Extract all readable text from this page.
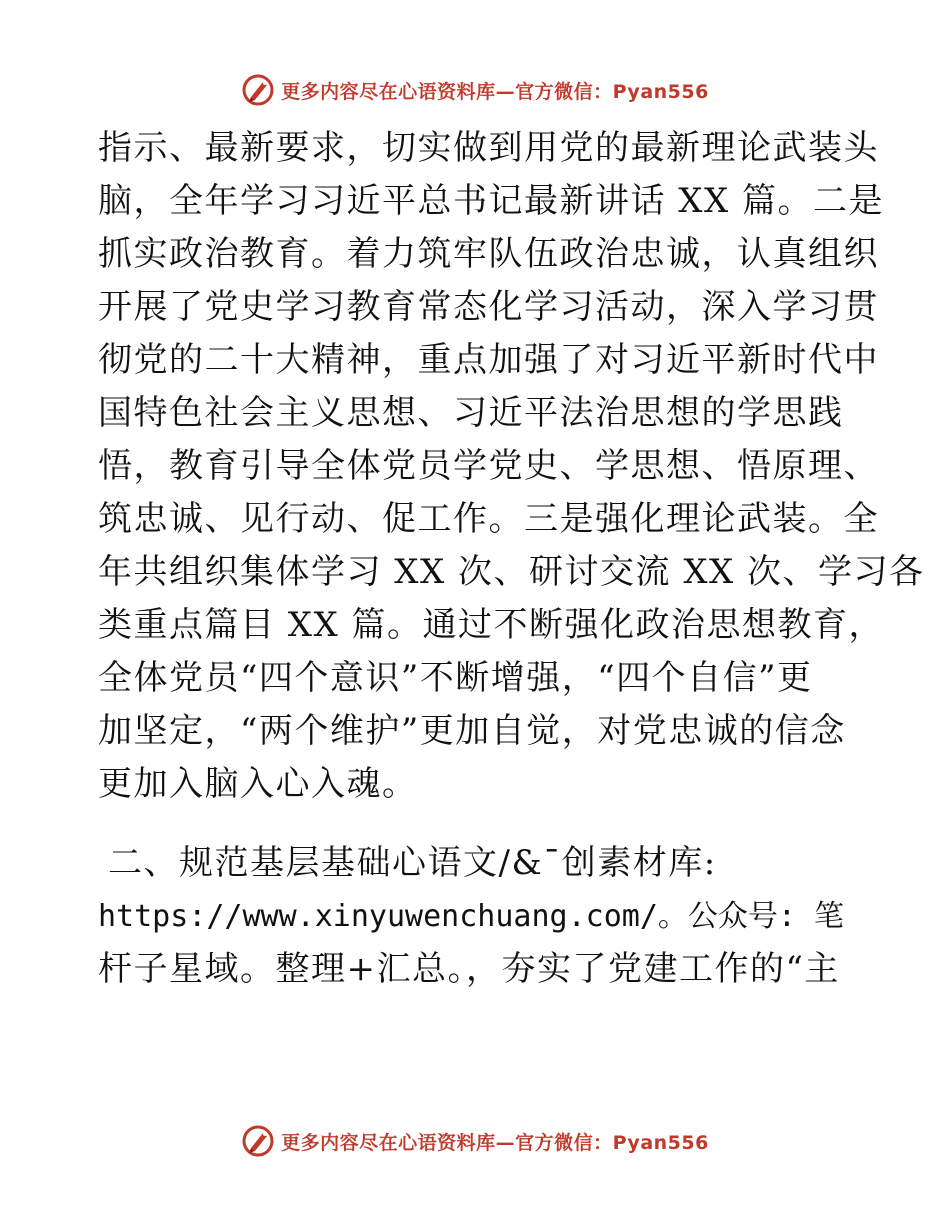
更多内容尽在心语资料库—官方微信：Pyan556
指示、最新要求，切实做到用党的最新理论武装头
脑，全年学习习近平总书记最新讲话 XX 篇。二是
抓实政治教育。着力筑牢队伍政治忠诚，认真组织
开展了党史学习教育常态化学习活动，深入学习贯
彻党的二十大精神，重点加强了对习近平新时代中
国特色社会主义思想、习近平法治思想的学思践
悟，教育引导全体党员学党史、学思想、悟原理、
筑忠诚、见行动、促工作。三是强化理论武装。全
年共组织集体学习 XX 次、研讨交流 XX 次、学习各
类重点篇目 XX 篇。通过不断强化政治思想教育，
全体党员“四个意识”不断增强，“四个自信”更
加坚定，“两个维护”更加自觉，对党忠诚的信念
更加入脑入心入魂。
二、规范基层基础心语文/&¯创素材库:
https://www.xinyuwenchuang.com/。公众号: 笔
杆子星域。整理+汇总。，夯实了党建工作的“主
更多内容尽在心语资料库—官方微信：Pyan556
